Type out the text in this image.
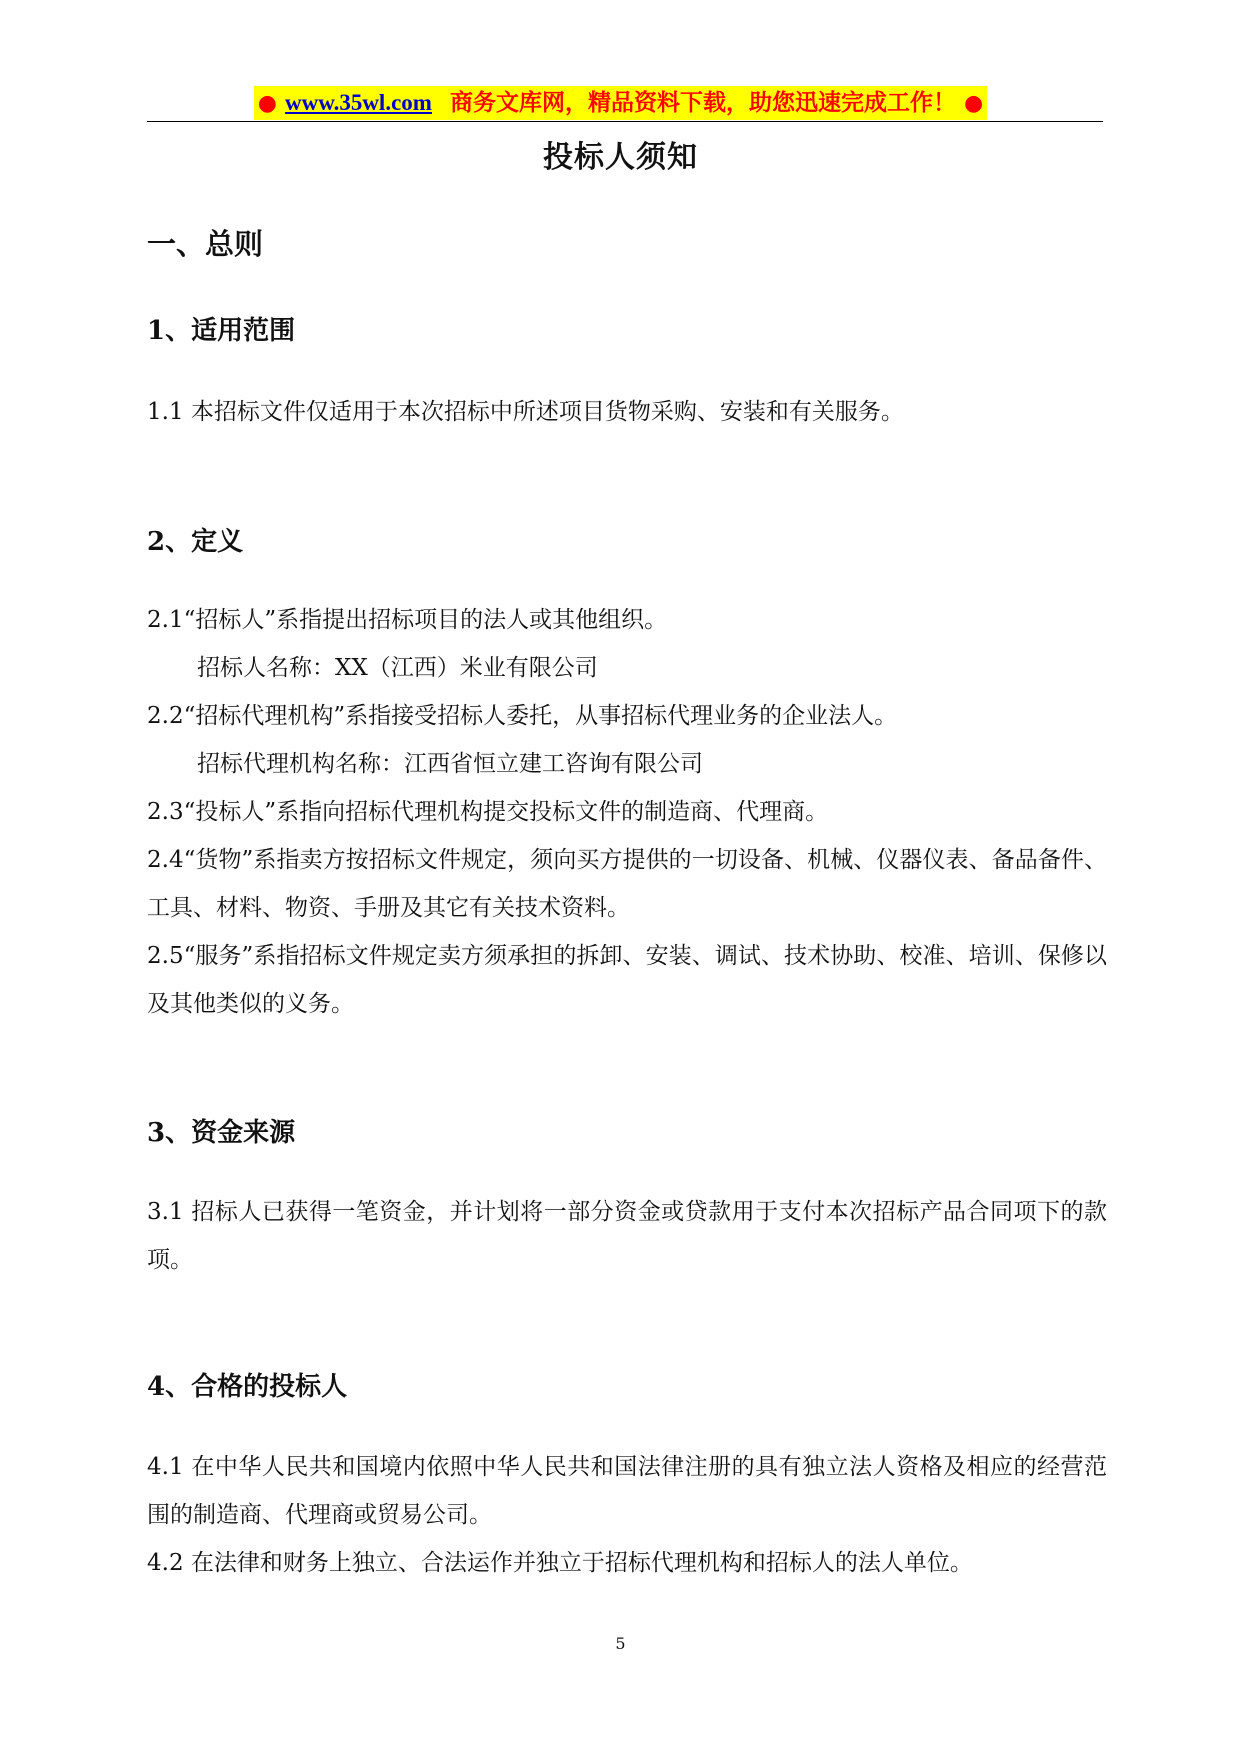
● www.35wl.com 商务文库网，精品资料下载，助您迅速完成工作！ ●
投标人须知
一、总则
1、适用范围

1.1 本招标文件仅适用于本次招标中所述项目货物采购、安装和有关服务。

2、定义

2.1“招标人”系指提出招标项目的法人或其他组织。

招标人名称：XX（江西）米业有限公司

2.2“招标代理机构”系指接受招标人委托，从事招标代理业务的企业法人。

招标代理机构名称：江西省恒立建工咨询有限公司

2.3“投标人”系指向招标代理机构提交投标文件的制造商、代理商。

2.4“货物”系指卖方按招标文件规定，须向买方提供的一切设备、机械、仪器仪表、备品备件、工具、材料、物资、手册及其它有关技术资料。

2.5“服务”系指招标文件规定卖方须承担的拆卸、安装、调试、技术协助、校准、培训、保修以及其他类似的义务。

3、资金来源

3.1 招标人已获得一笔资金，并计划将一部分资金或贷款用于支付本次招标产品合同项下的款项。

4、合格的投标人

4.1 在中华人民共和国境内依照中华人民共和国法律注册的具有独立法人资格及相应的经营范围的制造商、代理商或贸易公司。

4.2 在法律和财务上独立、合法运作并独立于招标代理机构和招标人的法人单位。

5
